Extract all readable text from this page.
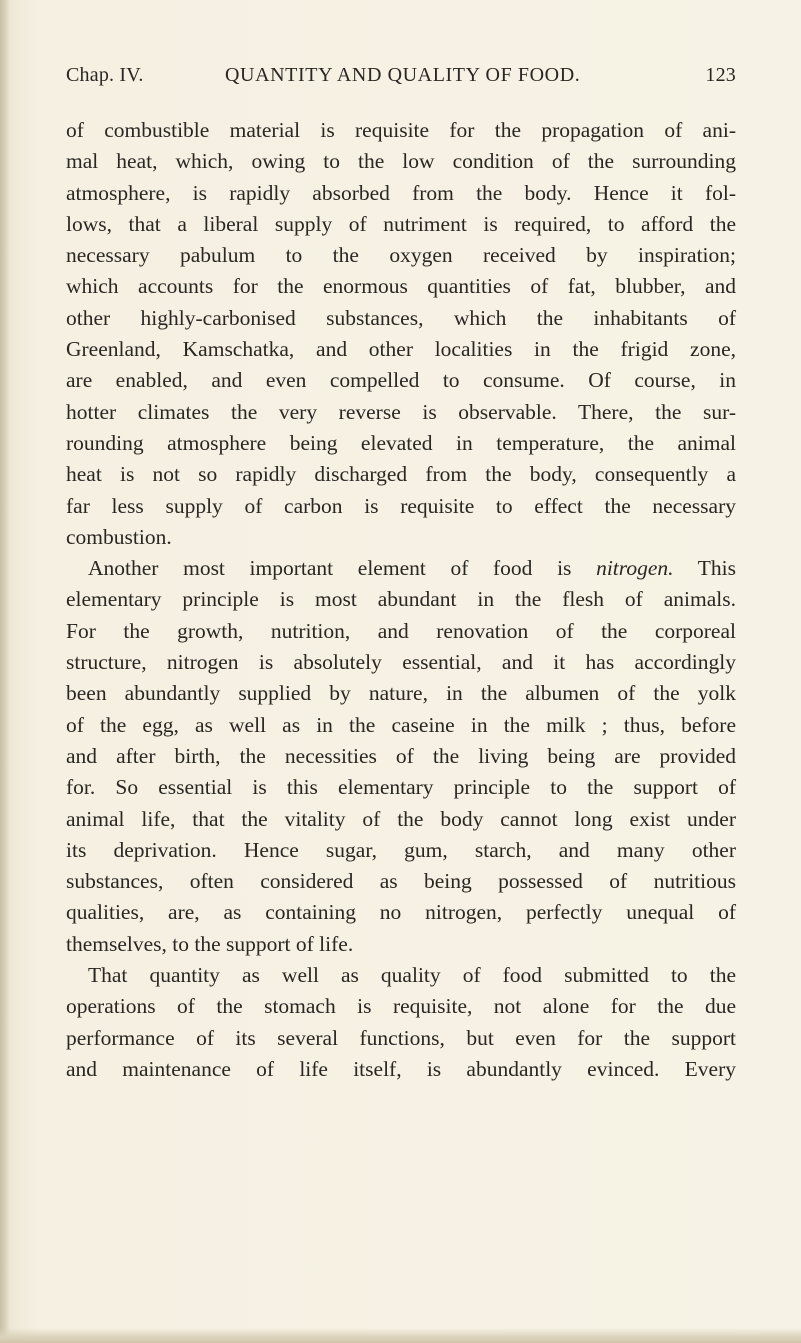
Chap. IV.	QUANTITY AND QUALITY OF FOOD.	123
of combustible material is requisite for the propagation of ani-
mal heat, which, owing to the low condition of the surrounding
atmosphere, is rapidly absorbed from the body. Hence it fol-
lows, that a liberal supply of nutriment is required, to afford the
necessary pabulum to the oxygen received by inspiration;
which accounts for the enormous quantities of fat, blubber, and
other highly-carbonised substances, which the inhabitants of
Greenland, Kamschatka, and other localities in the frigid zone,
are enabled, and even compelled to consume. Of course, in
hotter climates the very reverse is observable. There, the sur-
rounding atmosphere being elevated in temperature, the animal
heat is not so rapidly discharged from the body, consequently a
far less supply of carbon is requisite to effect the necessary
combustion.
Another most important element of food is nitrogen. This
elementary principle is most abundant in the flesh of animals.
For the growth, nutrition, and renovation of the corporeal
structure, nitrogen is absolutely essential, and it has accordingly
been abundantly supplied by nature, in the albumen of the yolk
of the egg, as well as in the caseine in the milk ; thus, before
and after birth, the necessities of the living being are provided
for. So essential is this elementary principle to the support of
animal life, that the vitality of the body cannot long exist under
its deprivation. Hence sugar, gum, starch, and many other
substances, often considered as being possessed of nutritious
qualities, are, as containing no nitrogen, perfectly unequal of
themselves, to the support of life.
That quantity as well as quality of food submitted to the
operations of the stomach is requisite, not alone for the due
performance of its several functions, but even for the support
and maintenance of life itself, is abundantly evinced. Every
